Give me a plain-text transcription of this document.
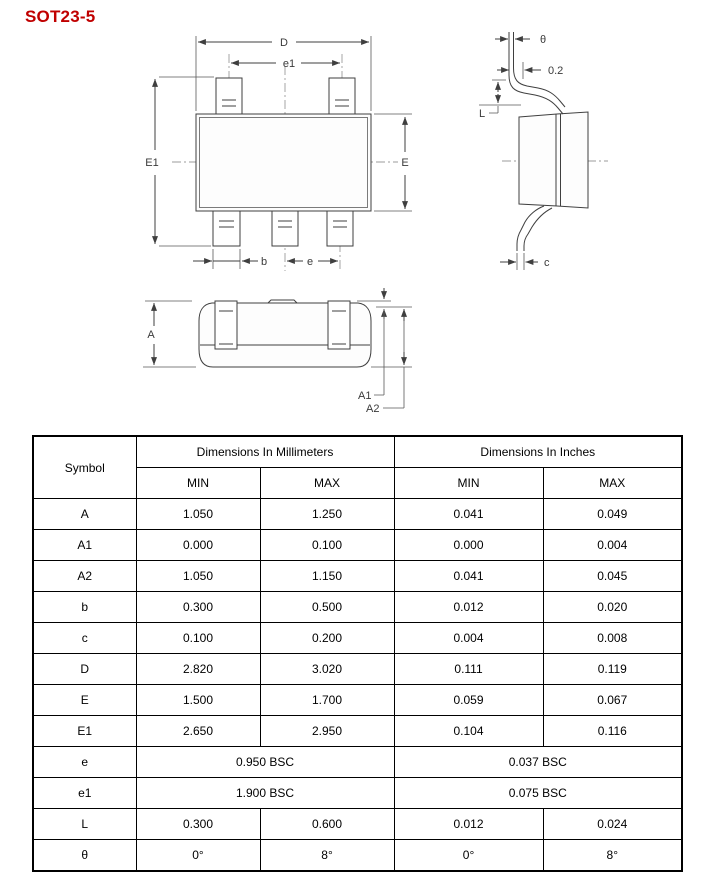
SOT23-5
D
e1
E1	E
b	e
θ
0.2
L
c
A
A1
A2
Symbol	Dimensions In Millimeters		Dimensions In Inches	
	MIN	MAX	MIN	MAX
A	1.050	1.250	0.041	0.049
A1	0.000	0.100	0.000	0.004
A2	1.050	1.150	0.041	0.045
b	0.300	0.500	0.012	0.020
c	0.100	0.200	0.004	0.008
D	2.820	3.020	0.111	0.119
E	1.500	1.700	0.059	0.067
E1	2.650	2.950	0.104	0.116
e	0.950 BSC		0.037 BSC	
e1	1.900 BSC		0.075 BSC	
L	0.300	0.600	0.012	0.024
θ	0°	8°	0°	8°
